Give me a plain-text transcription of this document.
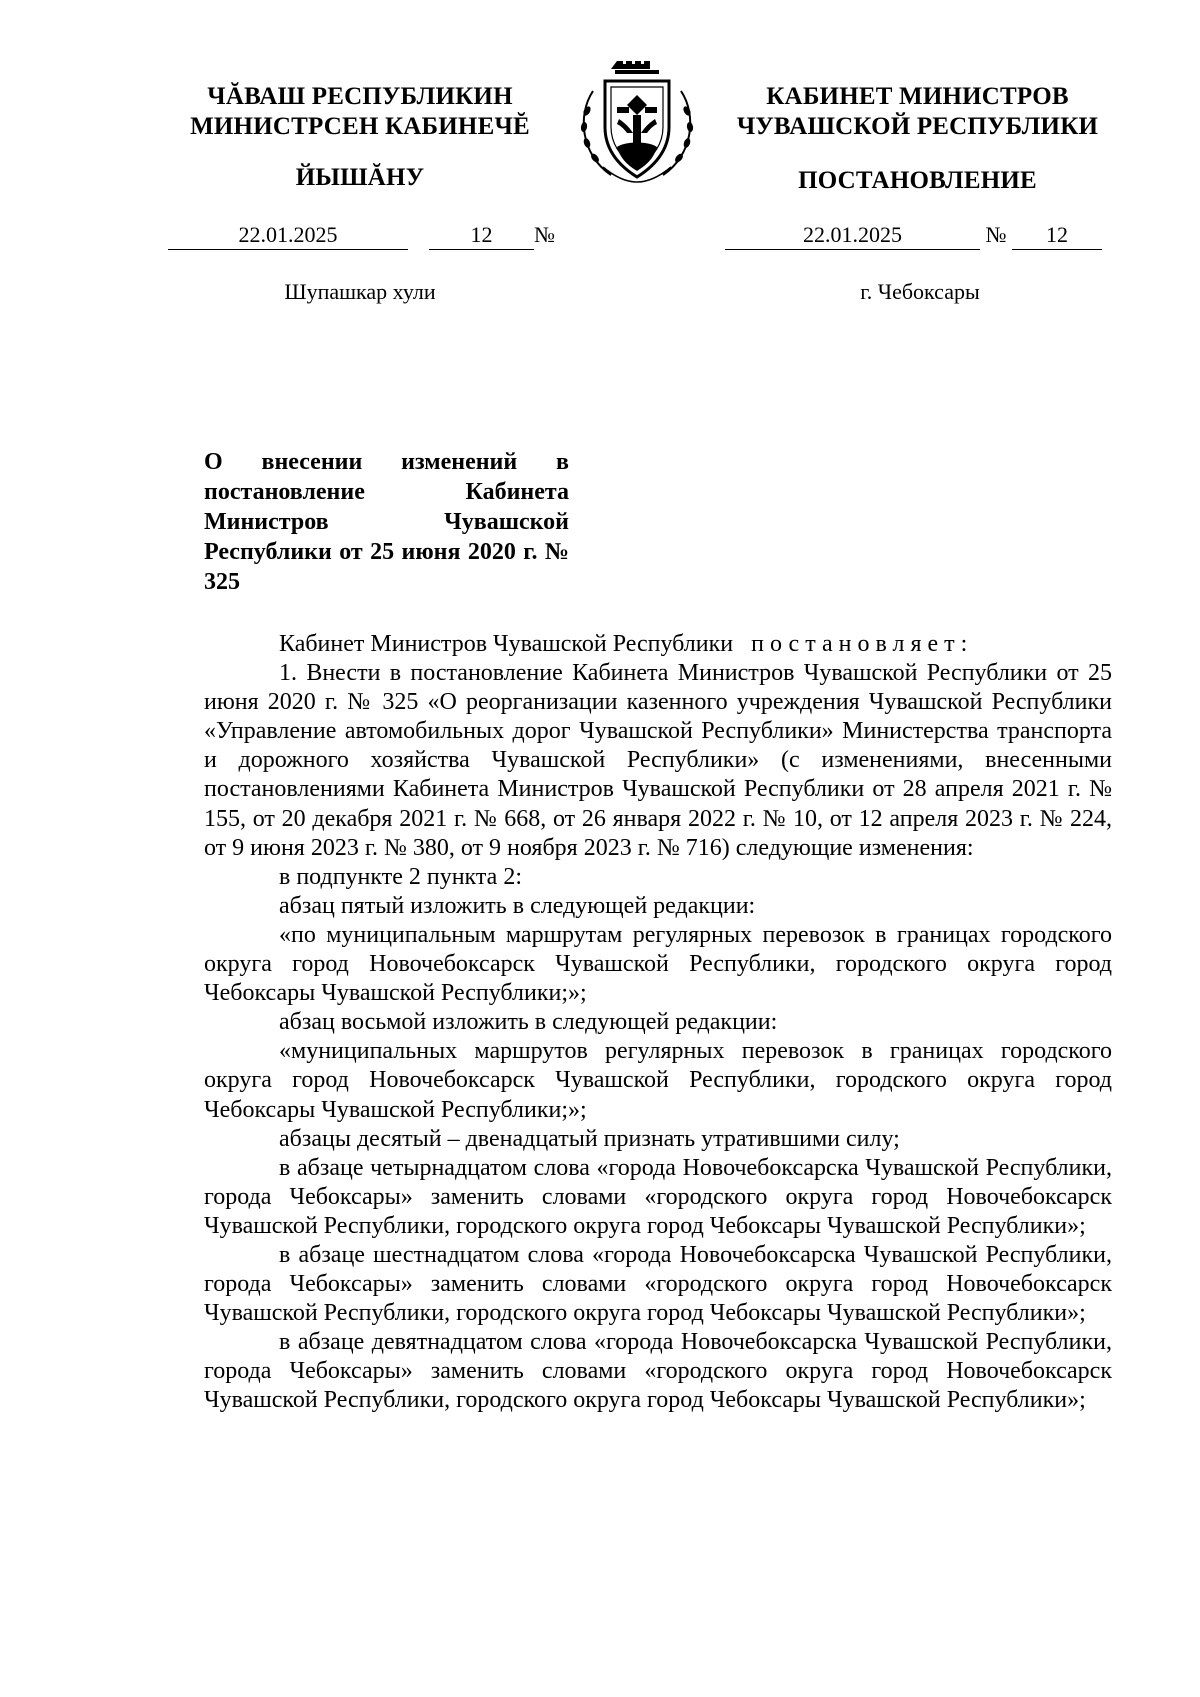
ЧĂВАШ РЕСПУБЛИКИН
МИНИСТРСЕН КАБИНЕЧĔ
ЙЫШĂНУ
КАБИНЕТ МИНИСТРОВ
ЧУВАШСКОЙ РЕСПУБЛИКИ
ПОСТАНОВЛЕНИЕ
22.01.2025	12 №	22.01.2025	№ 12
Шупашкар хули	г. Чебоксары
О внесении изменений в постановление Кабинета Министров Чувашской Республики от 25 июня 2020 г. № 325

Кабинет Министров Чувашской Республики постановляет:

1. Внести в постановление Кабинета Министров Чувашской Республики от 25 июня 2020 г. № 325 «О реорганизации казенного учреждения Чувашской Республики «Управление автомобильных дорог Чувашской Республики» Министерства транспорта и дорожного хозяйства Чувашской Республики» (с изменениями, внесенными постановлениями Кабинета Министров Чувашской Республики от 28 апреля 2021 г. № 155, от 20 декабря 2021 г. № 668, от 26 января 2022 г. № 10, от 12 апреля 2023 г. № 224, от 9 июня 2023 г. № 380, от 9 ноября 2023 г. № 716) следующие изменения:

в подпункте 2 пункта 2:

абзац пятый изложить в следующей редакции:

«по муниципальным маршрутам регулярных перевозок в границах городского округа город Новочебоксарск Чувашской Республики, городского округа город Чебоксары Чувашской Республики;»;

абзац восьмой изложить в следующей редакции:

«муниципальных маршрутов регулярных перевозок в границах городского округа город Новочебоксарск Чувашской Республики, городского округа город Чебоксары Чувашской Республики;»;

абзацы десятый – двенадцатый признать утратившими силу;

в абзаце четырнадцатом слова «города Новочебоксарска Чувашской Республики, города Чебоксары» заменить словами «городского округа город Новочебоксарск Чувашской Республики, городского округа город Чебоксары Чувашской Республики»;

в абзаце шестнадцатом слова «города Новочебоксарска Чувашской Республики, города Чебоксары» заменить словами «городского округа город Новочебоксарск Чувашской Республики, городского округа город Чебоксары Чувашской Республики»;

в абзаце девятнадцатом слова «города Новочебоксарска Чувашской Республики, города Чебоксары» заменить словами «городского округа город Новочебоксарск Чувашской Республики, городского округа город Чебоксары Чувашской Республики»;
